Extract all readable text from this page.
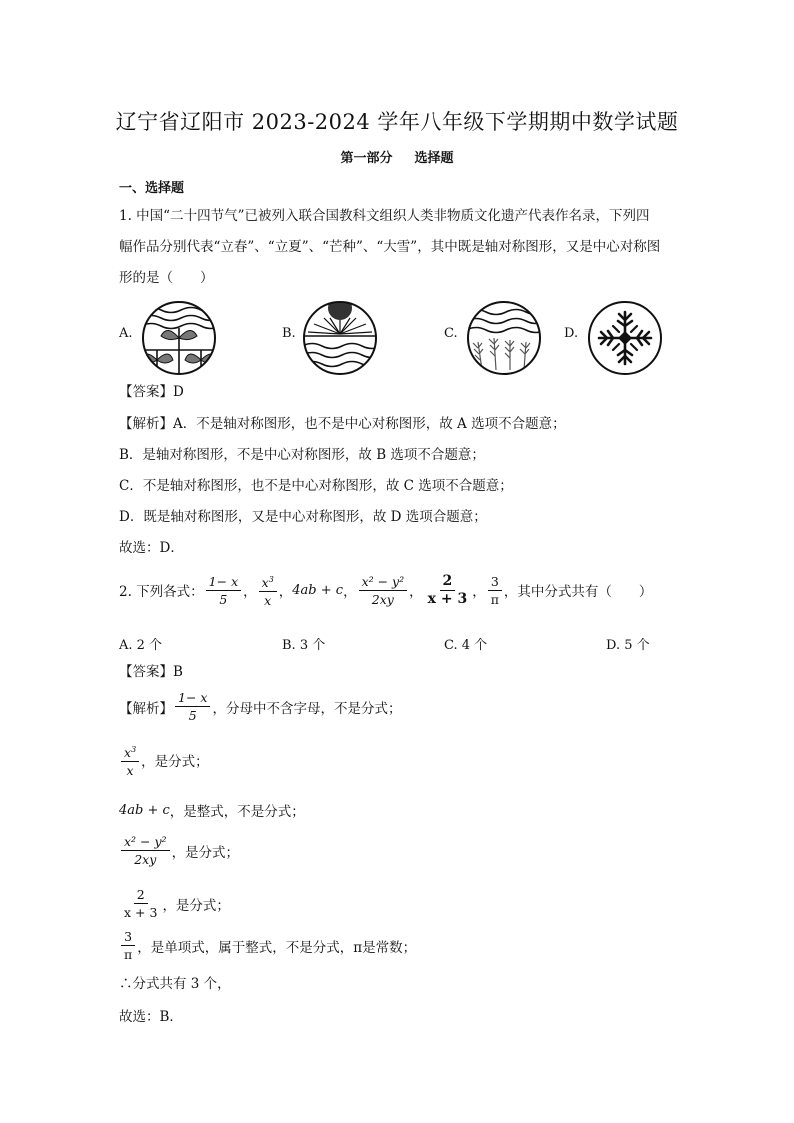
辽宁省辽阳市 2023-2024 学年八年级下学期期中数学试题
第一部分 选择题
一、选择题
1. 中国“二十四节气”已被列入联合国教科文组织人类非物质文化遗产代表作名录，下列四
幅作品分别代表“立春”、“立夏”、“芒种”、“大雪”，其中既是轴对称图形，又是中心对称图
形的是（　　）
A.	B.	C.	D.
【答案】D
【解析】A．不是轴对称图形，也不是中心对称图形，故 A 选项不合题意；
B．是轴对称图形，不是中心对称图形，故 B 选项不合题意；
C．不是轴对称图形，也不是中心对称图形，故 C 选项不合题意；
D．既是轴对称图形，又是中心对称图形，故 D 选项合题意；
故选：D．
2. 下列各式： $\frac{1- x}{5}$ ， $\frac{x^3}{x}$ ， 4ab + c ， $\frac{\text{x² − y²}}{2xy}$ ， $\frac{2}{x + 3}$ ， $\frac{3}{\pi}$ ，其中分式共有（　　）
A. 2 个	B. 3 个	C. 4 个	D. 5 个
【答案】B
【解析】 $\frac{1- x}{5}$ ，分母中不含字母，不是分式；
$\frac{x^3}{x}$ ，是分式；
4ab + c ，是整式，不是分式；
$\frac{\text{x² − y²}}{2xy}$ ，是分式；
$\frac{2}{x + 3}$ ，是分式；
$\frac{3}{\pi}$ ，是单项式，属于整式，不是分式，π是常数；
∴分式共有 3 个，
故选：B．
